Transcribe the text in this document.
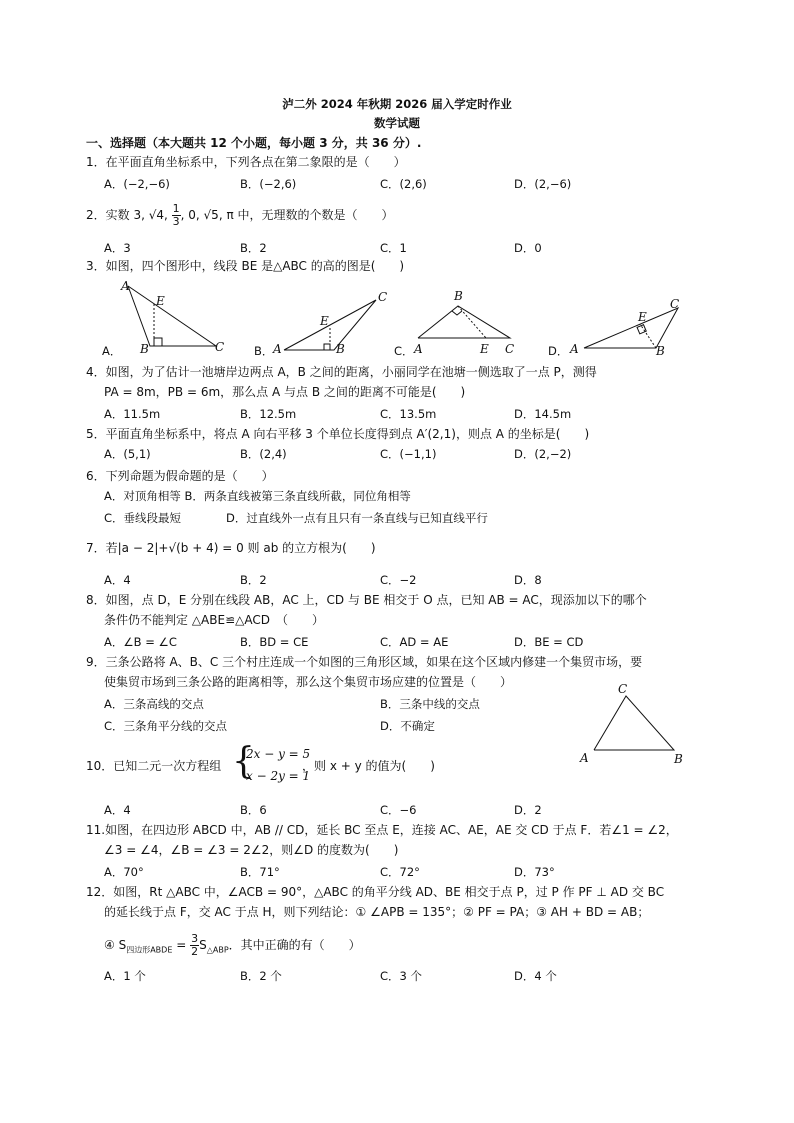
泸二外 2024 年秋期 2026 届入学定时作业
数学试题
一、选择题（本大题共 12 个小题，每小题 3 分，共 36 分）.
1．在平面直角坐标系中，下列各点在第二象限的是（　　）
A．(−2,−6)	B．(−2,6)	C．(2,6)	D．(2,−6)
2．实数 3, √4, $\frac{1}{3}$ , 0, √5, π 中，无理数的个数是（　　）
A．3	B．2	C．1	D．0
3．如图，四个图形中，线段 BE 是△ABC 的高的图是(　　)
A．
A
E
B	C	B． A
E
B
C
C． A
B
E C	D． A
E
B
C
4．如图，为了估计一池塘岸边两点 A，B 之间的距离，小丽同学在池塘一侧选取了一点 P，测得
PA = 8m，PB = 6m，那么点 A 与点 B 之间的距离不可能是(　　)
A．11.5m	B．12.5m	C．13.5m	D．14.5m
5．平面直角坐标系中，将点 A 向右平移 3 个单位长度得到点 A′(2,1)，则点 A 的坐标是(　　)
A．(5,1)	B．(2,4)	C．(−1,1)	D．(2,−2)
6．下列命题为假命题的是（　　）
A．对顶角相等 B．两条直线被第三条直线所截，同位角相等
C．垂线段最短	D．过直线外一点有且只有一条直线与已知直线平行
7．若|a − 2|+√(b + 4) = 0 则 ab 的立方根为(　　)
A．4	B．2	C．−2	D．8
8．如图，点 D，E 分别在线段 AB，AC 上，CD 与 BE 相交于 O 点，已知 AB = AC，现添加以下的哪个
条件仍不能判定 △ABE≌△ACD　（　　）
A．∠B = ∠C	B．BD = CE	C．AD = AE	D．BE = CD
9．三条公路将 A、B、C 三个村庄连成一个如图的三角形区域，如果在这个区域内修建一个集贸市场，要
使集贸市场到三条公路的距离相等，那么这个集贸市场应建的位置是（　　）
A．三条高线的交点	B．三条中线的交点
C．三条角平分线的交点	D．不确定
C
A	B
10．已知二元一次方程组 {
2x − y = 5
x − 2y = 1
，则 x + y 的值为(　　)
A．4	B．6	C．−6	D．2
11.如图，在四边形 ABCD 中，AB // CD，延长 BC 至点 E，连接 AC、AE，AE 交 CD 于点 F．若∠1 = ∠2，
∠3 = ∠4，∠B = ∠3 = 2∠2，则∠D 的度数为(　　)
A．70°	B．71°	C．72°	D．73°
12．如图，Rt △ABC 中，∠ACB = 90°，△ABC 的角平分线 AD、BE 相交于点 P，过 P 作 PF ⊥ AD 交 BC
的延长线于点 F，交 AC 于点 H，则下列结论：① ∠APB = 135°；② PF = PA；③ AH + BD = AB；
④ $S_{四边形ABDE} = \frac{3}{2} S_{\triangle ABP}$．其中正确的有（　　）
A．1 个	B．2 个	C．3 个	D．4 个
